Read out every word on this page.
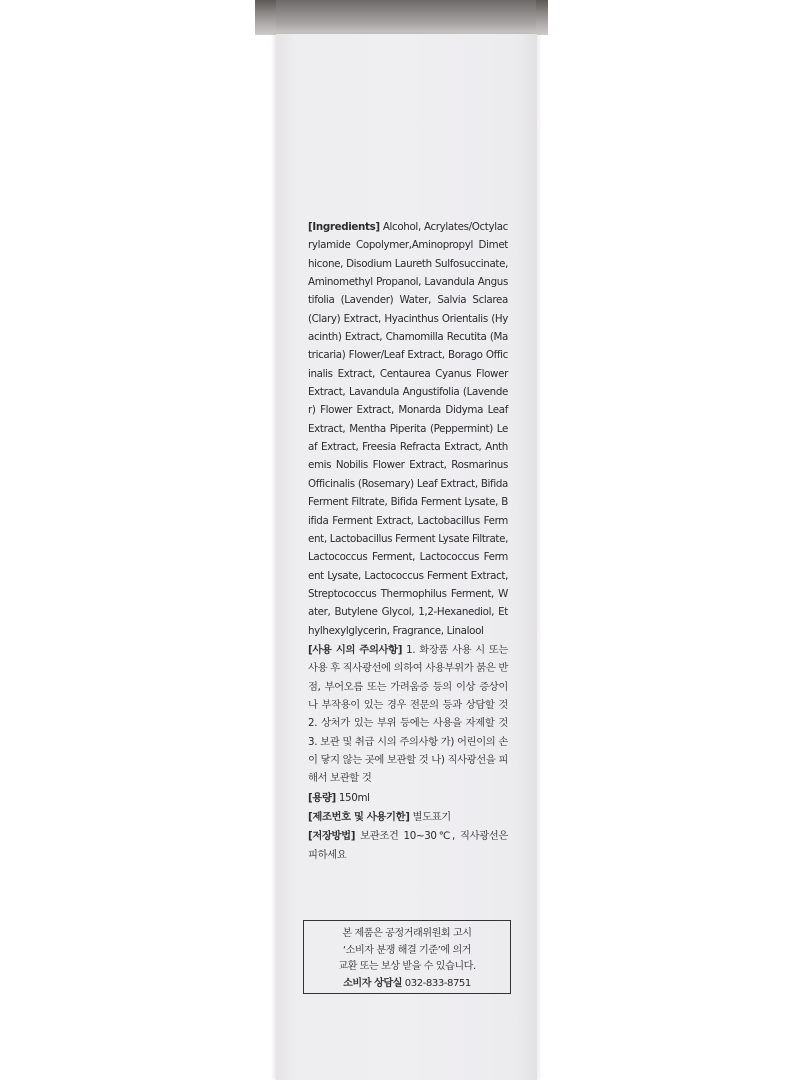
[Ingredients] Alcohol, Acrylates/Octylacrylamide Copolymer,Aminopropyl Dimethicone, Disodium Laureth Sulfosuccinate, Aminomethyl Propanol, Lavandula Angustifolia (Lavender) Water, Salvia Sclarea (Clary) Extract, Hyacinthus Orientalis (Hyacinth) Extract, Chamomilla Recutita (Matricaria) Flower/Leaf Extract, Borago Officinalis Extract, Centaurea Cyanus Flower Extract, Lavandula Angustifolia (Lavender) Flower Extract, Monarda Didyma Leaf Extract, Mentha Piperita (Peppermint) Leaf Extract, Freesia Refracta Extract, Anthemis Nobilis Flower Extract, Rosmarinus Officinalis (Rosemary) Leaf Extract, Bifida Ferment Filtrate, Bifida Ferment Lysate, Bifida Ferment Extract, Lactobacillus Ferment, Lactobacillus Ferment Lysate Filtrate, Lactococcus Ferment, Lactococcus Ferment Lysate, Lactococcus Ferment Extract, Streptococcus Thermophilus Ferment, Water, Butylene Glycol, 1,2-Hexanediol, Ethylhexylglycerin, Fragrance, Linalool

[사용 시의 주의사항] 1. 화장품 사용 시 또는 사용 후 직사광선에 의하여 사용부위가 붉은 반점, 부어오름 또는 가려움증 등의 이상 증상이나 부작용이 있는 경우 전문의 등과 상담할 것 2. 상처가 있는 부위 등에는 사용을 자제할 것 3. 보관 및 취급 시의 주의사항 가) 어린이의 손이 닿지 않는 곳에 보관할 것 나) 직사광선을 피해서 보관할 것

[용량] 150ml

[제조번호 및 사용기한] 별도표기

[저장방법] 보관조건 10~30℃, 직사광선은 피하세요

본 제품은 공정거래위원회 고시
‘소비자 분쟁 해결 기준’에 의거
교환 또는 보상 받을 수 있습니다.
소비자 상담실 032-833-8751
